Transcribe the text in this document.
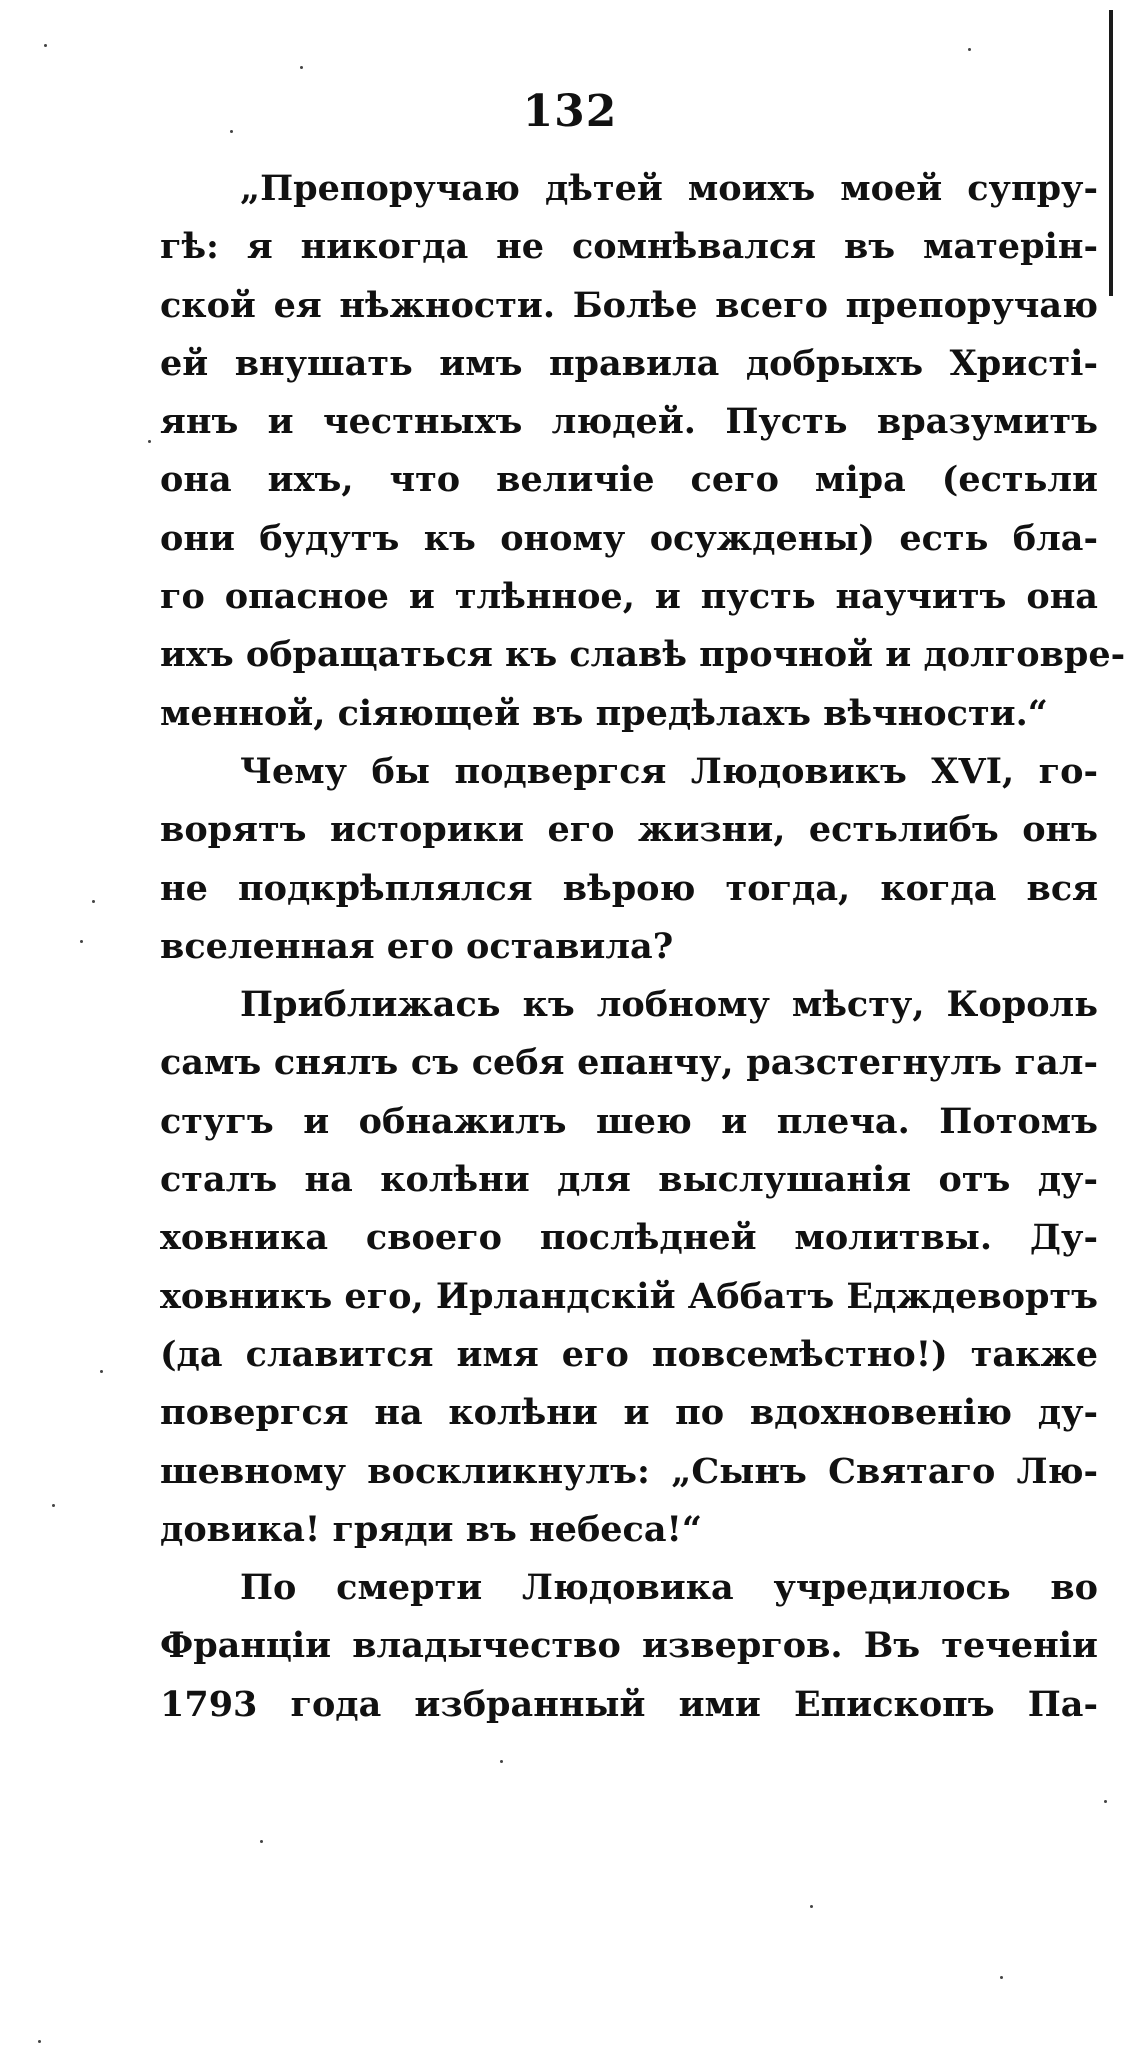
132
„Препоручаю дѣтей моихъ моей супру-
гѣ: я никогда не сомнѣвался въ матерін-
ской ея нѣжности. Болѣе всего препоручаю
ей внушать имъ правила добрыхъ Христі-
янъ и честныхъ людей. Пусть вразумитъ
она ихъ, что величіе сего міра (естьли
они будутъ къ оному осуждены) есть бла-
го опасное и тлѣнное, и пусть научитъ она
ихъ обращаться къ славѣ прочной и долговре-
менной, сіяющей въ предѣлахъ вѣчности.“
Чему бы подвергся Людовикъ XVI, го-
ворятъ историки его жизни, естьлибъ онъ
не подкрѣплялся вѣрою тогда, когда вся
вселенная его оставила?
Приближась къ лобному мѣсту, Король
самъ снялъ съ себя епанчу, разстегнулъ гал-
стугъ и обнажилъ шею и плеча. Потомъ
сталъ на колѣни для выслушанія отъ ду-
ховника своего послѣдней молитвы. Ду-
ховникъ его, Ирландскій Аббатъ Едждевортъ
(да славится имя его повсемѣстно!) также
повергся на колѣни и по вдохновенію ду-
шевному воскликнулъ: „Сынъ Святаго Лю-
довика! гряди въ небеса!“
По смерти Людовика учредилось во
Франціи владычество извергов. Въ теченіи
1793 года избранный ими Епископъ Па-
